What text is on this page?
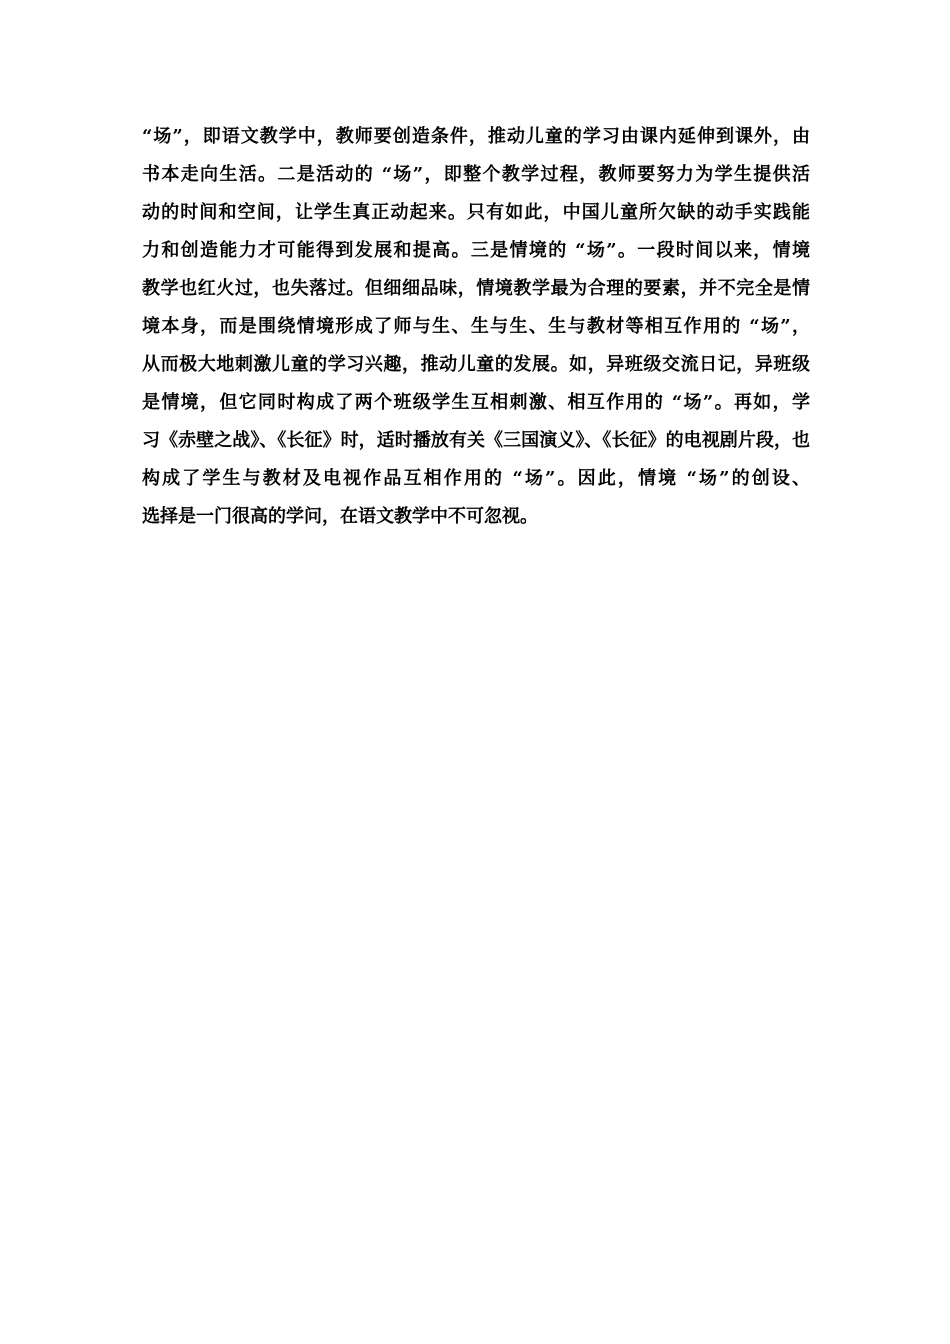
“场”，即语文教学中，教师要创造条件，推动儿童的学习由课内延伸到课外，由
书本走向生活。二是活动的 “场”，即整个教学过程，教师要努力为学生提供活
动的时间和空间，让学生真正动起来。只有如此，中国儿童所欠缺的动手实践能
力和创造能力才可能得到发展和提高。三是情境的 “场”。一段时间以来，情境
教学也红火过，也失落过。但细细品味，情境教学最为合理的要素，并不完全是情
境本身，而是围绕情境形成了师与生、生与生、生与教材等相互作用的 “场”，
从而极大地刺激儿童的学习兴趣，推动儿童的发展。如，异班级交流日记，异班级
是情境，但它同时构成了两个班级学生互相刺激、相互作用的 “场”。再如，学
习《赤壁之战》、《长征》时，适时播放有关《三国演义》、《长征》的电视剧片段，也
构成了学生与教材及电视作品互相作用的 “场”。因此，情境 “场”的创设、
选择是一门很高的学问，在语文教学中不可忽视。
